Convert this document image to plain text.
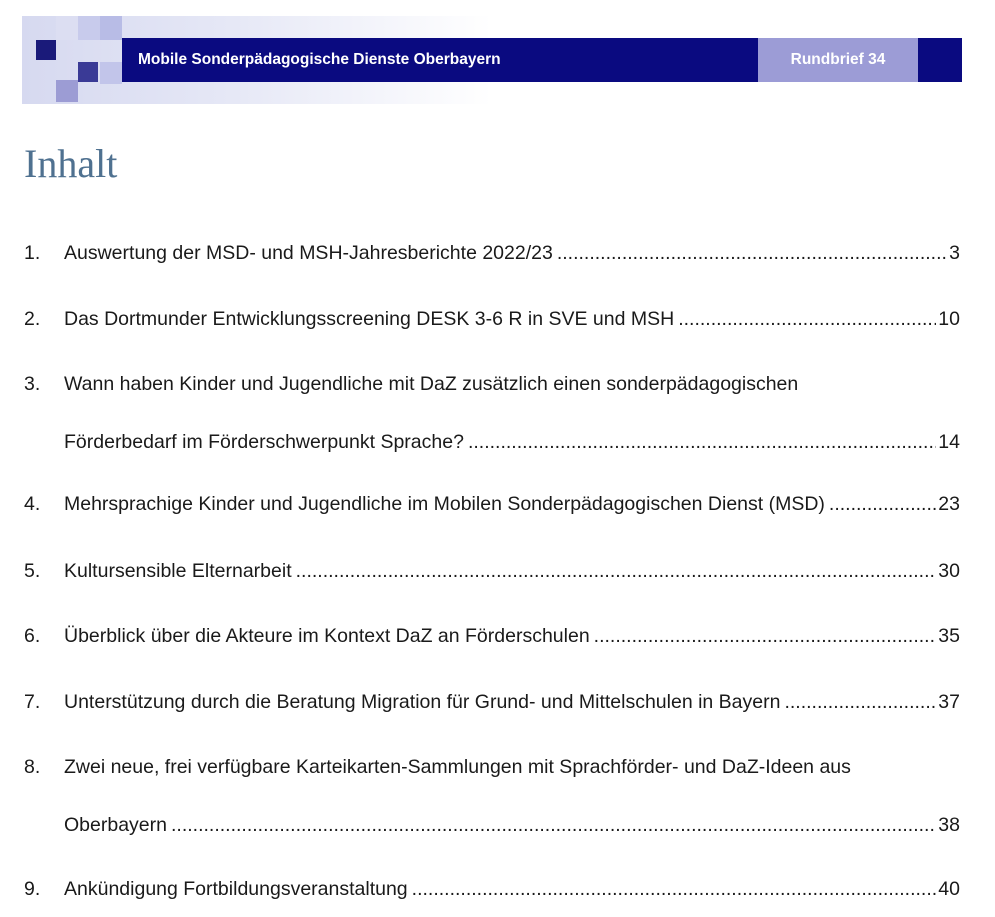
Mobile Sonderpädagogische Dienste Oberbayern	Rundbrief 34
Inhalt
1.	Auswertung der MSD- und MSH-Jahresberichte 2022/23 .....	3
2.	Das Dortmunder Entwicklungsscreening DESK 3-6 R in SVE und MSH .....	10
3.	Wann haben Kinder und Jugendliche mit DaZ zusätzlich einen sonderpädagogischen
Förderbedarf im Förderschwerpunkt Sprache? .....	14
4.	Mehrsprachige Kinder und Jugendliche im Mobilen Sonderpädagogischen Dienst (MSD) .....	23
5.	Kultursensible Elternarbeit .....	30
6.	Überblick über die Akteure im Kontext DaZ an Förderschulen .....	35
7.	Unterstützung durch die Beratung Migration für Grund- und Mittelschulen in Bayern .....	37
8.	Zwei neue, frei verfügbare Karteikarten-Sammlungen mit Sprachförder- und DaZ-Ideen aus
Oberbayern .....	38
9.	Ankündigung Fortbildungsveranstaltung .....	40
